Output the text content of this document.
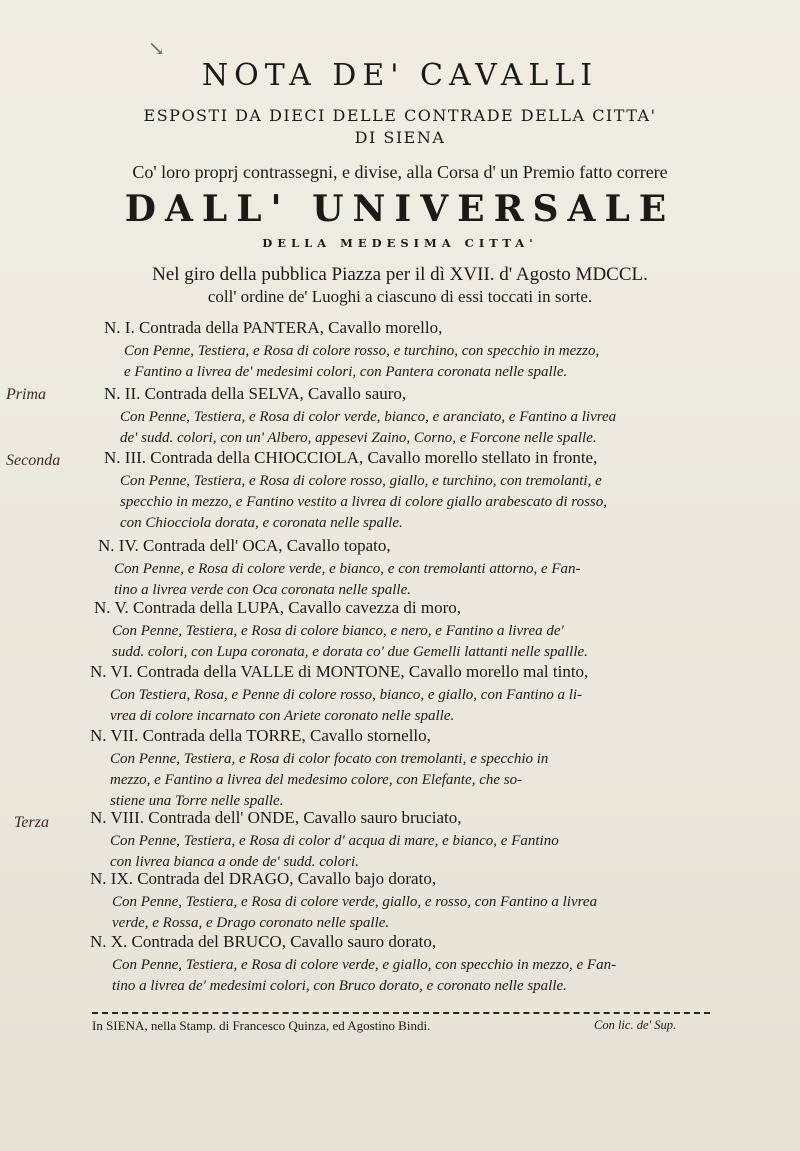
↘
NOTA DE' CAVALLI
ESPOSTI DA DIECI DELLE CONTRADE DELLA CITTA'
DI SIENA
Co' loro proprj contrassegni, e divise, alla Corsa d' un Premio fatto correre
DALL' UNIVERSALE
DELLA MEDESIMA CITTA'
Nel giro della pubblica Piazza per il dì XVII. d' Agosto MDCCL.
coll' ordine de' Luoghi a ciascuno di essi toccati in sorte.
N. I. Contrada della PANTERA, Cavallo morello,
Con Penne, Testiera, e Rosa di colore rosso, e turchino, con specchio in mezzo,
e Fantino a livrea de' medesimi colori, con Pantera coronata nelle spalle.
Prima	N. II. Contrada della SELVA, Cavallo sauro,
Con Penne, Testiera, e Rosa di color verde, bianco, e aranciato, e Fantino a livrea
de' sudd. colori, con un' Albero, appesevi Zaino, Corno, e Forcone nelle spalle.
Seconda	N. III. Contrada della CHIOCCIOLA, Cavallo morello stellato in fronte,
Con Penne, Testiera, e Rosa di colore rosso, giallo, e turchino, con tremolanti, e
specchio in mezzo, e Fantino vestito a livrea di colore giallo arabescato di rosso,
con Chiocciola dorata, e coronata nelle spalle.
N. IV. Contrada dell' OCA, Cavallo topato,
Con Penne, e Rosa di colore verde, e bianco, e con tremolanti attorno, e Fan-
tino a livrea verde con Oca coronata nelle spalle.
N. V. Contrada della LUPA, Cavallo cavezza di moro,
Con Penne, Testiera, e Rosa di colore bianco, e nero, e Fantino a livrea de'
sudd. colori, con Lupa coronata, e dorata co' due Gemelli lattanti nelle spallle.
N. VI. Contrada della VALLE di MONTONE, Cavallo morello mal tinto,
Con Testiera, Rosa, e Penne di colore rosso, bianco, e giallo, con Fantino a li-
vrea di colore incarnato con Ariete coronato nelle spalle.
N. VII. Contrada della TORRE, Cavallo stornello,
Con Penne, Testiera, e Rosa di color focato con tremolanti, e specchio in
mezzo, e Fantino a livrea del medesimo colore, con Elefante, che so-
stiene una Torre nelle spalle.
Terza N. VIII. Contrada dell' ONDE, Cavallo sauro bruciato,
Con Penne, Testiera, e Rosa di color d' acqua di mare, e bianco, e Fantino
con livrea bianca a onde de' sudd. colori.
N. IX. Contrada del DRAGO, Cavallo bajo dorato,
Con Penne, Testiera, e Rosa di colore verde, giallo, e rosso, con Fantino a livrea
verde, e Rossa, e Drago coronato nelle spalle.
N. X. Contrada del BRUCO, Cavallo sauro dorato,
Con Penne, Testiera, e Rosa di colore verde, e giallo, con specchio in mezzo, e Fan-
tino a livrea de' medesimi colori, con Bruco dorato, e coronato nelle spalle.
In SIENA, nella Stamp. di Francesco Quinza, ed Agostino Bindi.	Con lic. de' Sup.
